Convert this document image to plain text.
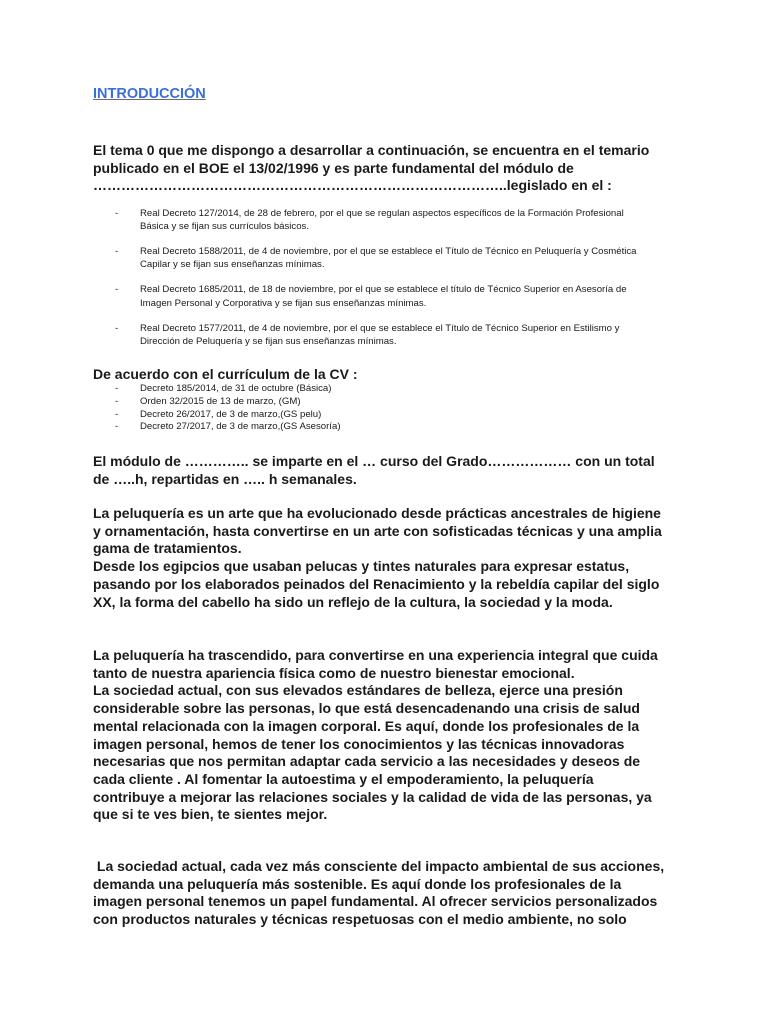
INTRODUCCIÓN

El tema 0 que me dispongo a desarrollar a continuación, se encuentra en el temario
publicado en el BOE el 13/02/1996 y es parte fundamental del módulo de
……………………………………………………………………………..legislado en el :

- Real Decreto 127/2014, de 28 de febrero, por el que se regulan aspectos específicos de la Formación Profesional
Básica y se fijan sus currículos básicos.
- Real Decreto 1588/2011, de 4 de noviembre, por el que se establece el Título de Técnico en Peluquería y Cosmética
Capilar y se fijan sus enseñanzas mínimas.
- Real Decreto 1685/2011, de 18 de noviembre, por el que se establece el título de Técnico Superior en Asesoría de
Imagen Personal y Corporativa y se fijan sus enseñanzas mínimas.
- Real Decreto 1577/2011, de 4 de noviembre, por el que se establece el Título de Técnico Superior en Estilismo y
Dirección de Peluquería y se fijan sus enseñanzas mínimas.

De acuerdo con el currículum de la CV :

- Decreto 185/2014, de 31 de octubre (Básica)
- Orden 32/2015 de 13 de marzo, (GM)
- Decreto 26/2017, de 3 de marzo,(GS pelu)
- Decreto 27/2017, de 3 de marzo,(GS Asesoría)

El módulo de ………….. se imparte en el … curso del Grado……………… con un total
de …..h, repartidas en ….. h semanales.

La peluquería es un arte que ha evolucionado desde prácticas ancestrales de higiene
y ornamentación, hasta convertirse en un arte con sofisticadas técnicas y una amplia
gama de tratamientos.
Desde los egipcios que usaban pelucas y tintes naturales para expresar estatus,
pasando por los elaborados peinados del Renacimiento y la rebeldía capilar del siglo
XX, la forma del cabello ha sido un reflejo de la cultura, la sociedad y la moda.

La peluquería ha trascendido, para convertirse en una experiencia integral que cuida
tanto de nuestra apariencia física como de nuestro bienestar emocional.
La sociedad actual, con sus elevados estándares de belleza, ejerce una presión
considerable sobre las personas, lo que está desencadenando una crisis de salud
mental relacionada con la imagen corporal. Es aquí, donde los profesionales de la
imagen personal, hemos de tener los conocimientos y las técnicas innovadoras
necesarias que nos permitan adaptar cada servicio a las necesidades y deseos de
cada cliente . Al fomentar la autoestima y el empoderamiento, la peluquería
contribuye a mejorar las relaciones sociales y la calidad de vida de las personas, ya
que si te ves bien, te sientes mejor.

La sociedad actual, cada vez más consciente del impacto ambiental de sus acciones,
demanda una peluquería más sostenible. Es aquí donde los profesionales de la
imagen personal tenemos un papel fundamental. Al ofrecer servicios personalizados
con productos naturales y técnicas respetuosas con el medio ambiente, no solo
